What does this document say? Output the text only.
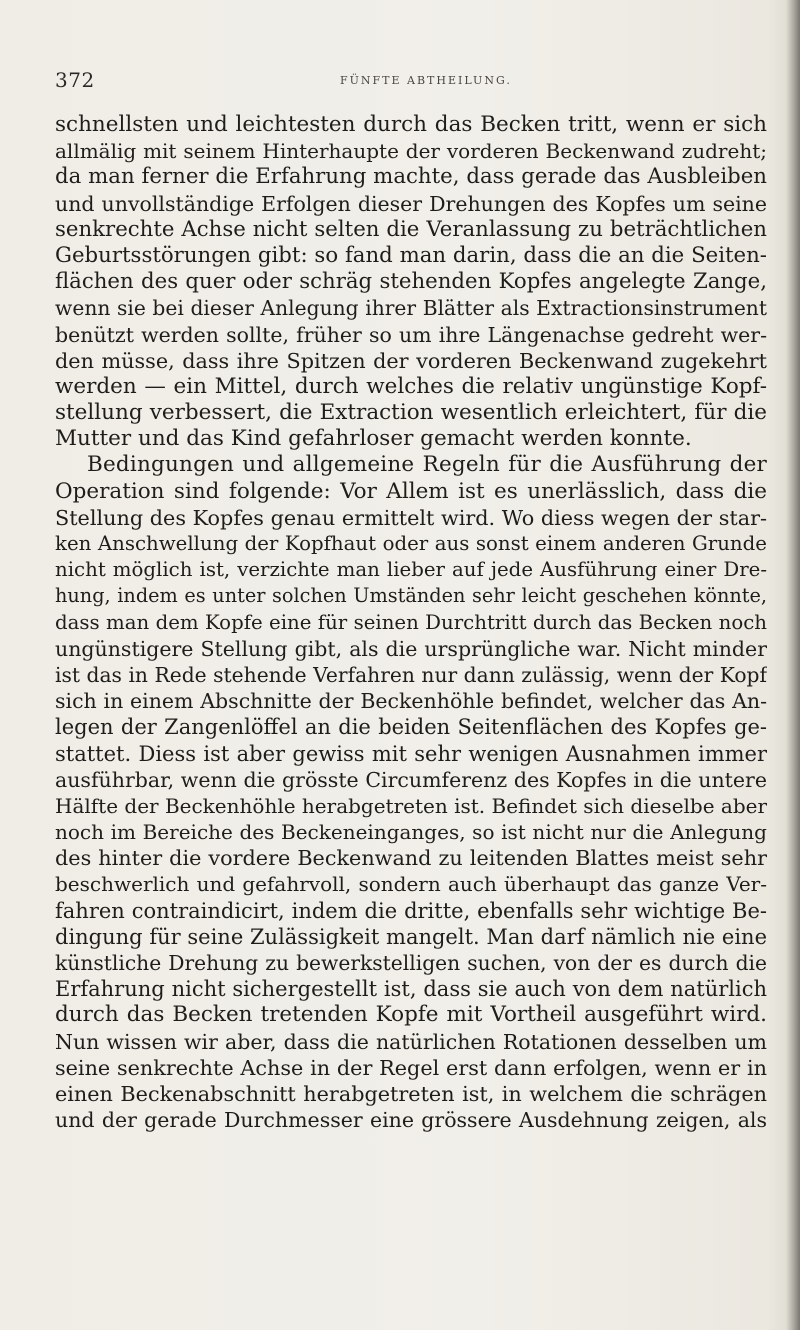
372	FÜNFTE ABTHEILUNG.
schnellsten und leichtesten durch das Becken tritt, wenn er sich
allmälig mit seinem Hinterhaupte der vorderen Beckenwand zudreht;
da man ferner die Erfahrung machte, dass gerade das Ausbleiben
und unvollständige Erfolgen dieser Drehungen des Kopfes um seine
senkrechte Achse nicht selten die Veranlassung zu beträchtlichen
Geburtsstörungen gibt: so fand man darin, dass die an die Seiten-
flächen des quer oder schräg stehenden Kopfes angelegte Zange,
wenn sie bei dieser Anlegung ihrer Blätter als Extractionsinstrument
benützt werden sollte, früher so um ihre Längenachse gedreht wer-
den müsse, dass ihre Spitzen der vorderen Beckenwand zugekehrt
werden — ein Mittel, durch welches die relativ ungünstige Kopf-
stellung verbessert, die Extraction wesentlich erleichtert, für die
Mutter und das Kind gefahrloser gemacht werden konnte.
Bedingungen und allgemeine Regeln für die Ausführung der
Operation sind folgende: Vor Allem ist es unerlässlich, dass die
Stellung des Kopfes genau ermittelt wird. Wo diess wegen der star-
ken Anschwellung der Kopfhaut oder aus sonst einem anderen Grunde
nicht möglich ist, verzichte man lieber auf jede Ausführung einer Dre-
hung, indem es unter solchen Umständen sehr leicht geschehen könnte,
dass man dem Kopfe eine für seinen Durchtritt durch das Becken noch
ungünstigere Stellung gibt, als die ursprüngliche war. Nicht minder
ist das in Rede stehende Verfahren nur dann zulässig, wenn der Kopf
sich in einem Abschnitte der Beckenhöhle befindet, welcher das An-
legen der Zangenlöffel an die beiden Seitenflächen des Kopfes ge-
stattet. Diess ist aber gewiss mit sehr wenigen Ausnahmen immer
ausführbar, wenn die grösste Circumferenz des Kopfes in die untere
Hälfte der Beckenhöhle herabgetreten ist. Befindet sich dieselbe aber
noch im Bereiche des Beckeneinganges, so ist nicht nur die Anlegung
des hinter die vordere Beckenwand zu leitenden Blattes meist sehr
beschwerlich und gefahrvoll, sondern auch überhaupt das ganze Ver-
fahren contraindicirt, indem die dritte, ebenfalls sehr wichtige Be-
dingung für seine Zulässigkeit mangelt. Man darf nämlich nie eine
künstliche Drehung zu bewerkstelligen suchen, von der es durch die
Erfahrung nicht sichergestellt ist, dass sie auch von dem natürlich
durch das Becken tretenden Kopfe mit Vortheil ausgeführt wird.
Nun wissen wir aber, dass die natürlichen Rotationen desselben um
seine senkrechte Achse in der Regel erst dann erfolgen, wenn er in
einen Beckenabschnitt herabgetreten ist, in welchem die schrägen
und der gerade Durchmesser eine grössere Ausdehnung zeigen, als
